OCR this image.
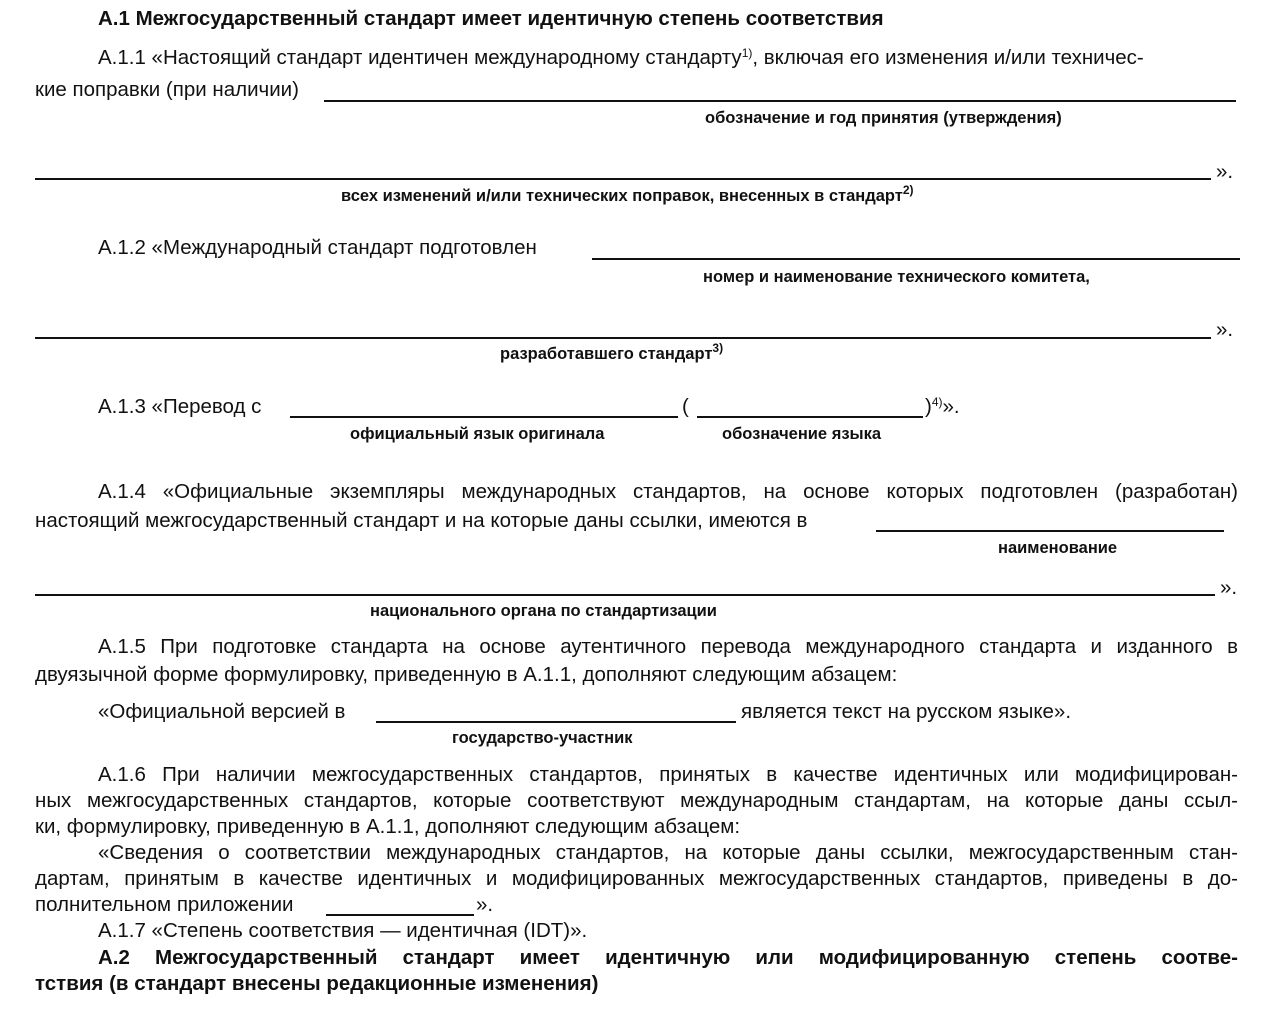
А.1 Межгосударственный стандарт имеет идентичную степень соответствия
А.1.1 «Настоящий стандарт идентичен международному стандарту$^{1)}$, включая его изменения и/или техничес-
кие поправки (при наличии)
обозначение и год принятия (утверждения)
».
всех изменений и/или технических поправок, внесенных в стандарт$^{2)}$
А.1.2 «Международный стандарт подготовлен
номер и наименование технического комитета,
».
разработавшего стандарт$^{3)}$
А.1.3 «Перевод с	(	)$^{4)}$».
официальный язык оригинала	обозначение языка
А.1.4 «Официальные экземпляры международных стандартов, на основе которых подготовлен (разработан)
настоящий межгосударственный стандарт и на которые даны ссылки, имеются в
наименование
».
национального органа по стандартизации
А.1.5 При подготовке стандарта на основе аутентичного перевода международного стандарта и изданного в
двуязычной форме формулировку, приведенную в А.1.1, дополняют следующим абзацем:
«Официальной версией в	является текст на русском языке».
государство-участник
А.1.6 При наличии межгосударственных стандартов, принятых в качестве идентичных или модифицирован-
ных межгосударственных стандартов, которые соответствуют международным стандартам, на которые даны ссыл-
ки, формулировку, приведенную в А.1.1, дополняют следующим абзацем:
«Сведения о соответствии международных стандартов, на которые даны ссылки, межгосударственным стан-
дартам, принятым в качестве идентичных и модифицированных межгосударственных стандартов, приведены в до-
полнительном приложении	».
А.1.7 «Степень соответствия — идентичная (IDT)».
А.2 Межгосударственный стандарт имеет идентичную или модифицированную степень соотве-
тствия (в стандарт внесены редакционные изменения)
